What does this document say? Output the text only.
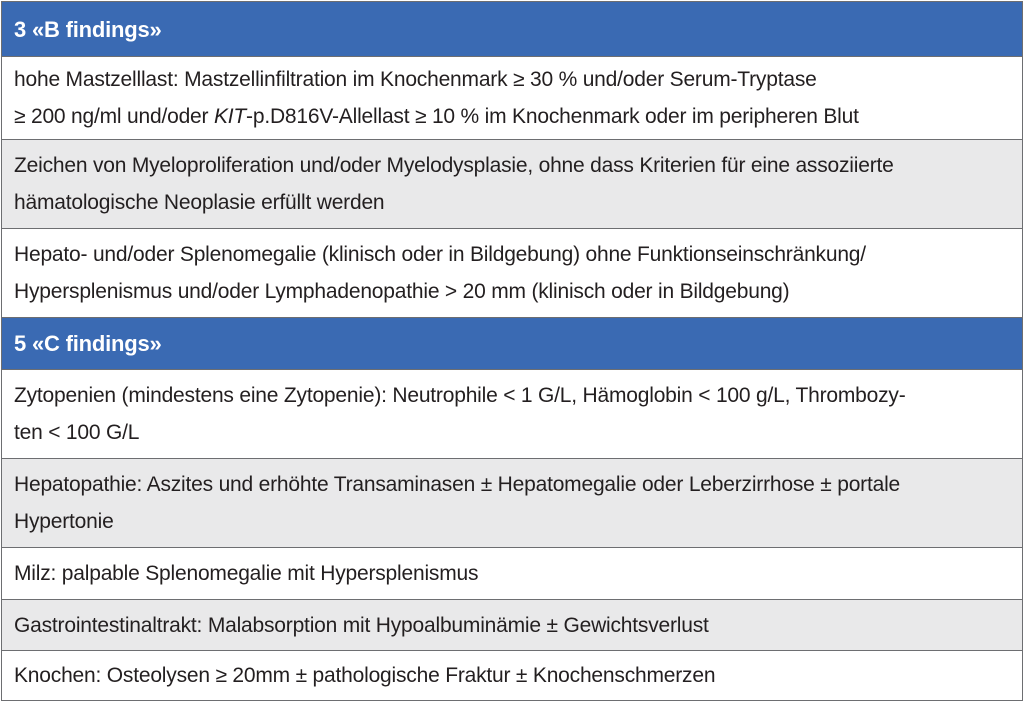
3 «B findings»
hohe Mastzelllast: Mastzellinfiltration im Knochenmark ≥ 30 % und/oder Serum-Tryptase
≥ 200 ng/ml und/oder KIT-p.D816V-Allellast ≥ 10 % im Knochenmark oder im peripheren Blut
Zeichen von Myeloproliferation und/oder Myelodysplasie, ohne dass Kriterien für eine assoziierte
hämatologische Neoplasie erfüllt werden
Hepato- und/oder Splenomegalie (klinisch oder in Bildgebung) ohne Funktionseinschränkung/
Hypersplenismus und/oder Lymphadenopathie > 20 mm (klinisch oder in Bildgebung)
5 «C findings»
Zytopenien (mindestens eine Zytopenie): Neutrophile < 1 G/L, Hämoglobin < 100 g/L, Thrombozy-
ten < 100 G/L
Hepatopathie: Aszites und erhöhte Transaminasen ± Hepatomegalie oder Leberzirrhose ± portale
Hypertonie
Milz: palpable Splenomegalie mit Hypersplenismus
Gastrointestinaltrakt: Malabsorption mit Hypoalbuminämie ± Gewichtsverlust
Knochen: Osteolysen ≥ 20mm ± pathologische Fraktur ± Knochenschmerzen
